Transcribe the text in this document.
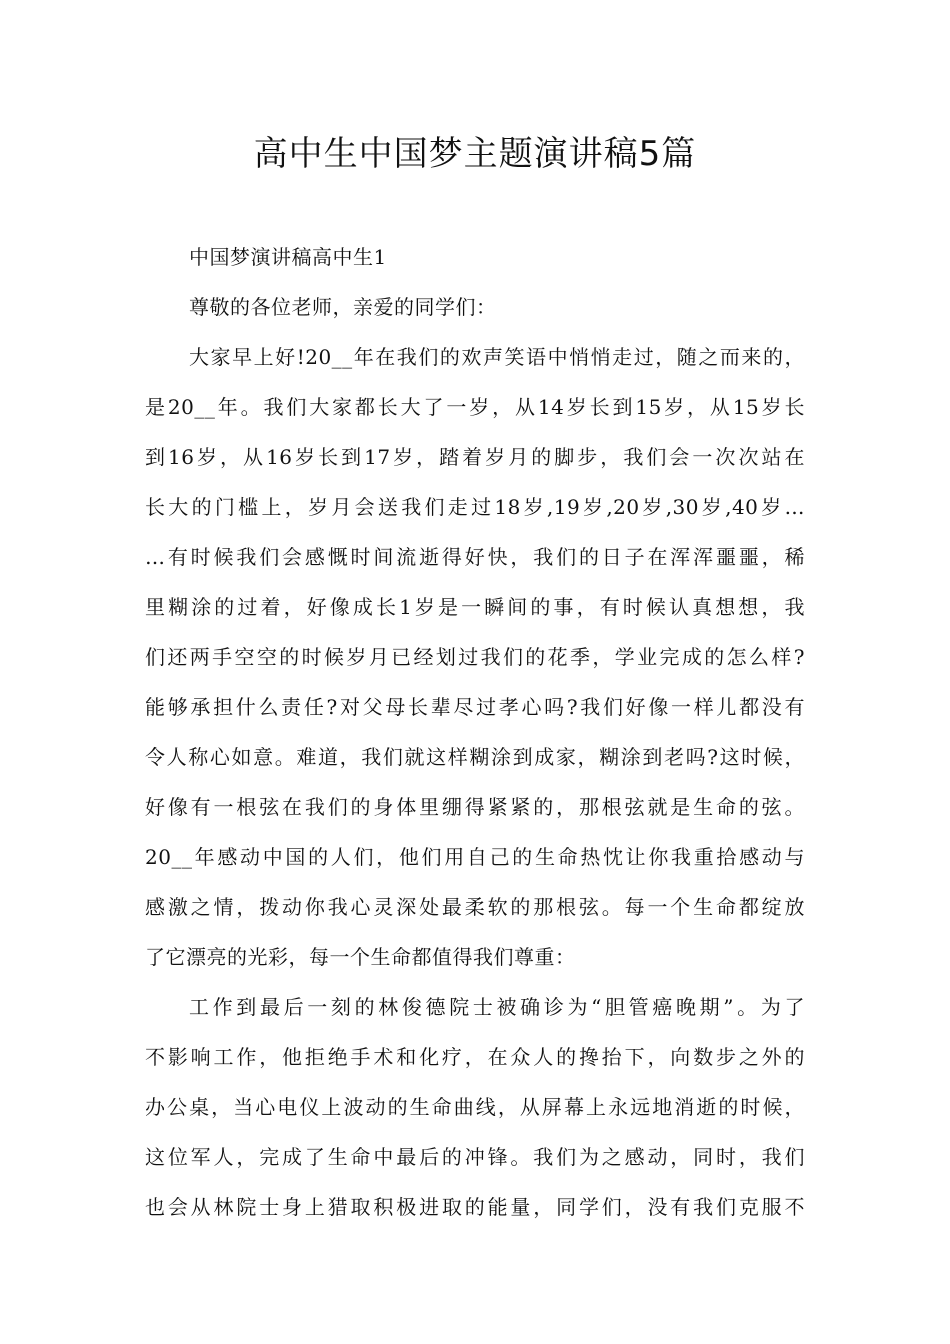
高中生中国梦主题演讲稿5篇
中国梦演讲稿高中生1
尊敬的各位老师，亲爱的同学们：
大家早上好!20__年在我们的欢声笑语中悄悄走过，随之而来的，
是20__年。我们大家都长大了一岁，从14岁长到15岁，从15岁长
到16岁，从16岁长到17岁，踏着岁月的脚步，我们会一次次站在
长大的门槛上，岁月会送我们走过18岁,19岁,20岁,30岁,40岁…
…有时候我们会感慨时间流逝得好快，我们的日子在浑浑噩噩，稀
里糊涂的过着，好像成长1岁是一瞬间的事，有时候认真想想，我
们还两手空空的时候岁月已经划过我们的花季，学业完成的怎么样?
能够承担什么责任?对父母长辈尽过孝心吗?我们好像一样儿都没有
令人称心如意。难道，我们就这样糊涂到成家，糊涂到老吗?这时候，
好像有一根弦在我们的身体里绷得紧紧的，那根弦就是生命的弦。
20__年感动中国的人们，他们用自己的生命热忱让你我重拾感动与
感激之情，拨动你我心灵深处最柔软的那根弦。每一个生命都绽放
了它漂亮的光彩，每一个生命都值得我们尊重：
工作到最后一刻的林俊德院士被确诊为“胆管癌晚期”。为了
不影响工作，他拒绝手术和化疗，在众人的搀抬下，向数步之外的
办公桌，当心电仪上波动的生命曲线，从屏幕上永远地消逝的时候，
这位军人，完成了生命中最后的冲锋。我们为之感动，同时，我们
也会从林院士身上猎取积极进取的能量，同学们，没有我们克服不
